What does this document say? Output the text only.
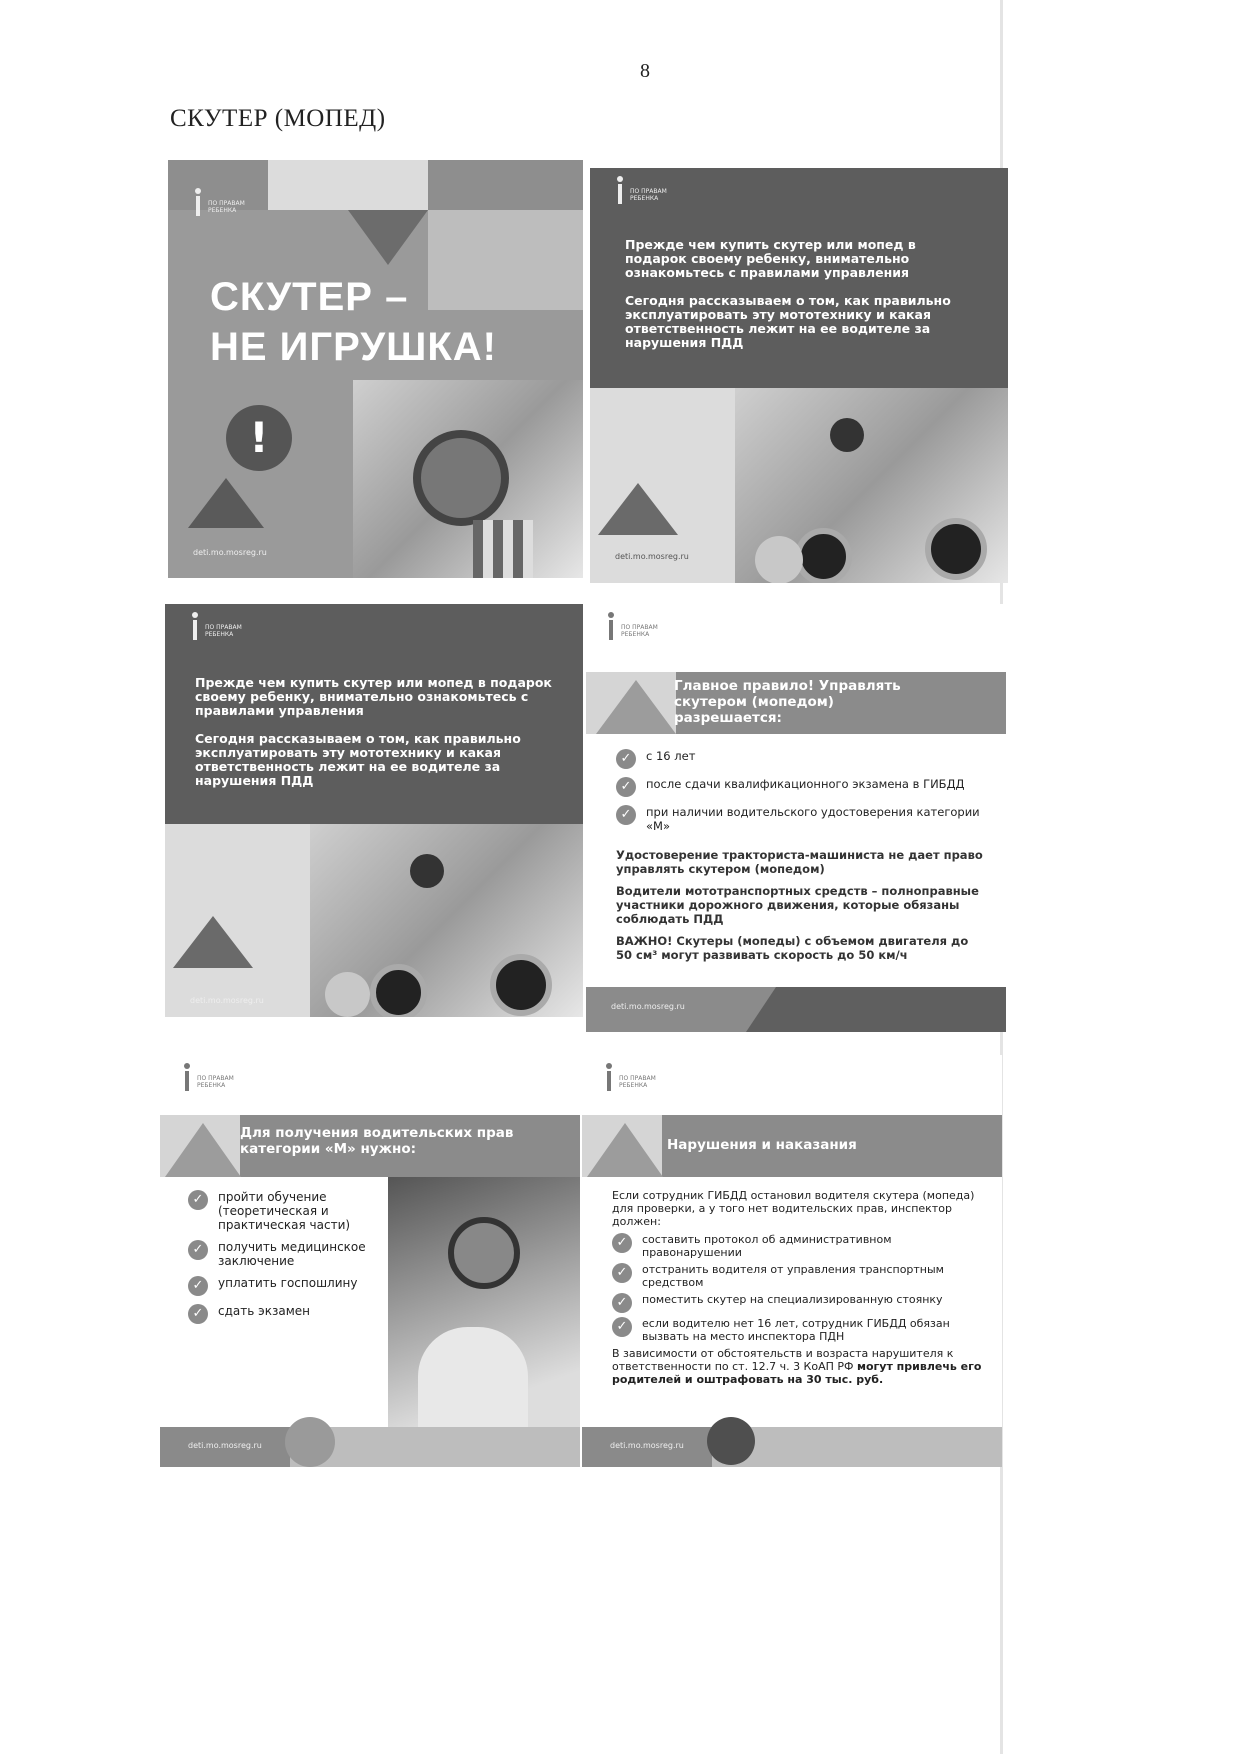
8
СКУТЕР (МОПЕД)
ПО ПРАВАМ
РЕБЕНКА
СКУТЕР –
НЕ ИГРУШКА!
!
deti.mo.mosreg.ru
ПО ПРАВАМ
РЕБЕНКА

Прежде чем купить скутер или мопед в подарок своему ребенку, внимательно ознакомьтесь с правилами управления

Сегодня рассказываем о том, как правильно эксплуатировать эту мототехнику и какая ответственность лежит на ее водителе за нарушения ПДД

deti.mo.mosreg.ru
ПО ПРАВАМ
РЕБЕНКА

Прежде чем купить скутер или мопед в подарок своему ребенку, внимательно ознакомьтесь с правилами управления

Сегодня рассказываем о том, как правильно эксплуатировать эту мототехнику и какая ответственность лежит на ее водителе за нарушения ПДД

deti.mo.mosreg.ru
ПО ПРАВАМ
РЕБЕНКА
Главное правило! Управлять скутером (мопедом) разрешается:
✓	с 16 лет
✓	после сдачи квалификационного экзамена в ГИБДД
✓	при наличии водительского удостоверения категории «М»

Удостоверение тракториста-машиниста не дает право управлять скутером (мопедом)

Водители мототранспортных средств – полноправные участники дорожного движения, которые обязаны соблюдать ПДД

ВАЖНО! Скутеры (мопеды) с объемом двигателя до 50 см³ могут развивать скорость до 50 км/ч

deti.mo.mosreg.ru
ПО ПРАВАМ
РЕБЕНКА
Для получения водительских прав категории «М» нужно:
✓	пройти обучение (теоретическая и практическая части)
✓	получить медицинское заключение
✓	уплатить госпошлину
✓	сдать экзамен
deti.mo.mosreg.ru
ПО ПРАВАМ
РЕБЕНКА
Нарушения и наказания

Если сотрудник ГИБДД остановил водителя скутера (мопеда) для проверки, а у того нет водительских прав, инспектор должен:

✓	составить протокол об административном правонарушении
✓	отстранить водителя от управления транспортным средством
✓	поместить скутер на специализированную стоянку
✓	если водителю нет 16 лет, сотрудник ГИБДД обязан вызвать на место инспектора ПДН

В зависимости от обстоятельств и возраста нарушителя к ответственности по ст. 12.7 ч. 3 КоАП РФ могут привлечь его родителей и оштрафовать на 30 тыс. руб.

deti.mo.mosreg.ru
